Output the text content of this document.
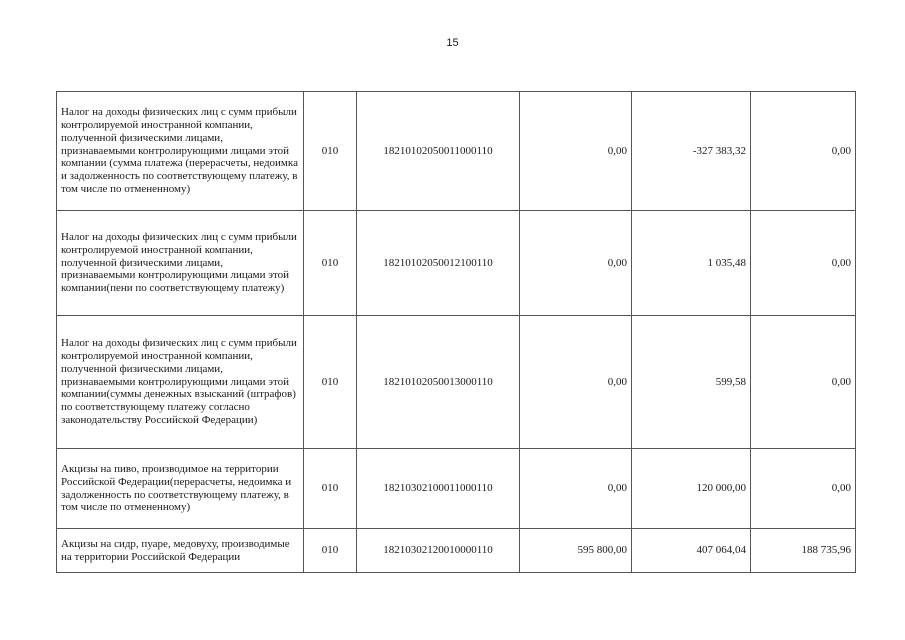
15
Налог на доходы физических лиц с сумм прибыли контролируемой иностранной компании, полученной физическими лицами, признаваемыми контролирующими лицами этой компании (сумма платежа (перерасчеты, недоимка и задолженность по соответствующему платежу, в том числе по отмененному)	010	18210102050011000110	0,00	-327 383,32	0,00
Налог на доходы физических лиц с сумм прибыли контролируемой иностранной компании, полученной физическими лицами, признаваемыми контролирующими лицами этой компании(пени по соответствующему платежу)	010	18210102050012100110	0,00	1 035,48	0,00
Налог на доходы физических лиц с сумм прибыли контролируемой иностранной компании, полученной физическими лицами, признаваемыми контролирующими лицами этой компании(суммы денежных взысканий (штрафов) по соответствующему платежу согласно законодательству Российской Федерации)	010	18210102050013000110	0,00	599,58	0,00
Акцизы на пиво, производимое на территории Российской Федерации(перерасчеты, недоимка и задолженность по соответствующему платежу, в том числе по отмененному)	010	18210302100011000110	0,00	120 000,00	0,00
Акцизы на сидр, пуаре, медовуху, производимые на территории Российской Федерации	010	18210302120010000110	595 800,00	407 064,04	188 735,96
